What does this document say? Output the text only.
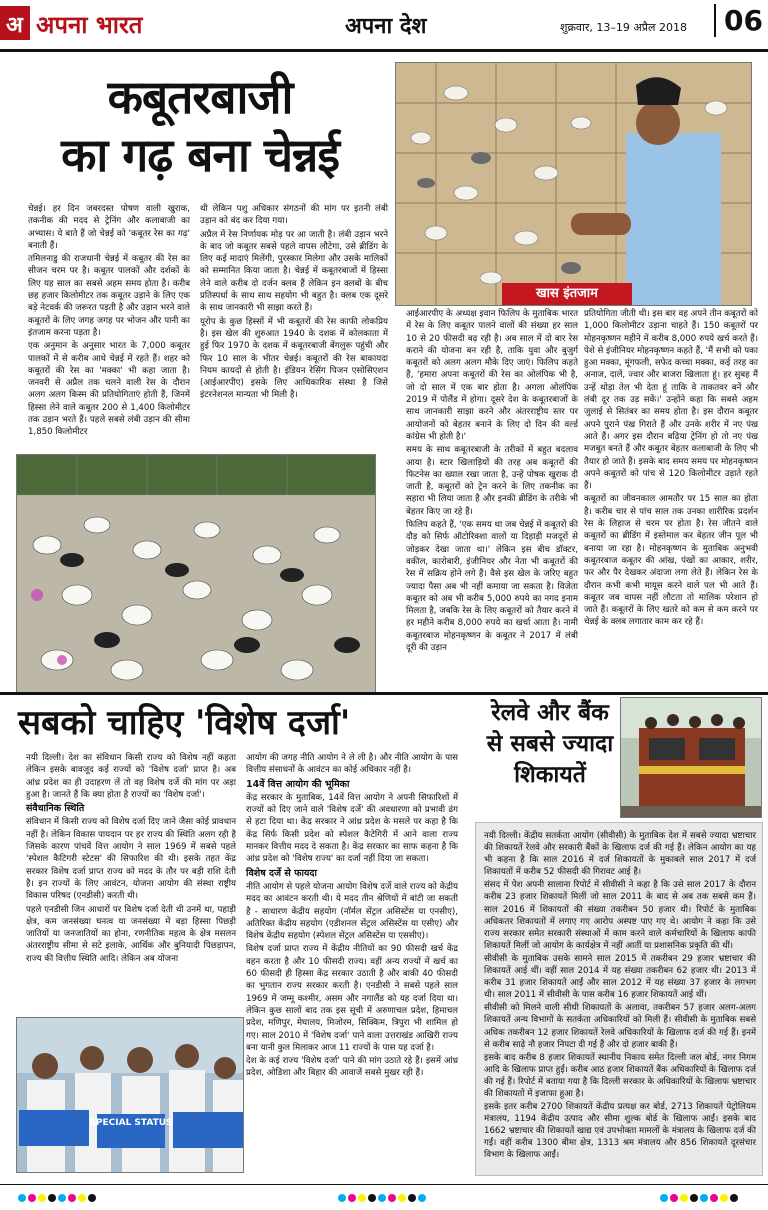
अ अपना भारत	अपना देश	शुक्रवार, 13–19 अप्रैल 2018	06
कबूतरबाजी
का गढ़ बना चेन्नई
खास इंतजाम

चेन्नई। हर दिन जबरदस्त पोषण वाली खुराक, तकनीक की मदद से ट्रेनिंग और कलाबाजी का अभ्यास। ये बाते हैं जो चेन्नई को 'कबूतर रेस का गढ़' बनाती हैं।

तमिलनाडु की राजधानी चेन्नई में कबूतर की रेस का सीजन चरम पर है। कबूतर पालकों और दर्शकों के लिए यह साल का सबसे अहम समय होता है। करीब छह हजार किलोमीटर तक कबूतर उड़ाने के लिए एक बड़े नेटवर्क की जरूरत पड़ती है और उड़ान भरने वाले कबूतरों के लिए जगह जगह पर भोजन और पानी का इंतजाम करना पड़ता है।

एक अनुमान के अनुसार भारत के 7,000 कबूतर पालकों में से करीब आधे चेन्नई में रहते हैं। शहर को कबूतरों की रेस का 'मक्का' भी कहा जाता है। जनवरी से अप्रैल तक चलने वाली रेस के दौरान अलग अलग किस्म की प्रतियोगिताएं होती हैं, जिनमें हिस्सा लेने वाले कबूतर 200 से 1,400 किलोमीटर तक उड़ान भरते हैं। पहले सबसे लंबी उड़ान की सीमा 1,850 किलोमीटर

थी लेकिन पशु अधिकार संगठनों की मांग पर इतनी लंबी उड़ान को बंद कर दिया गया।

अप्रैल में रेस निर्णायक मोड़ पर आ जाती है। लंबी उड़ान भरने के बाद जो कबूतर सबसे पहले वापस लौटेगा, उसे ब्रीडिंग के लिए कई मादाएं मिलेंगी, पुरस्कार मिलेगा और उसके मालिकों को सम्मानित किया जाता है। चेन्नई में कबूतरबाजों में हिस्सा लेने वाले करीब दो दर्जन क्लब हैं लेकिन इन क्लबों के बीच प्रतिस्पर्धा के साथ साथ सहयोग भी बहुत है। क्लब एक दूसरे के साथ जानकारी भी साझा करते हैं।

यूरोप के कुछ हिस्सों में भी कबूतरों की रेस काफी लोकप्रिय है। इस खेल की शुरुआत 1940 के दशक में कोलकाता में हुई फिर 1970 के दशक में कबूतरबाजी बेंगलुरू पहुंची और फिर 10 साल के भीतर चेन्नई। कबूतरों की रेस बाकायदा नियम कायदों से होती है। इंडियन रेसिंग पिजन एसोसिएशन (आईआरपीए) इसके लिए आधिकारिक संस्था है जिसे इंटरनेशनल मान्यता भी मिली है।

आईआरपीए के अध्यक्ष इवान फिलिप के मुताबिक भारत में रेस के लिए कबूतर पालने वालों की संख्या हर साल 10 से 20 फीसदी बढ़ रही है। अब साल में दो बार रेस कराने की योजना बन रही है, ताकि युवा और बुजुर्ग कबूतरों को अलग अलग मौके दिए जाएं। फिलिप कहते हैं, 'हमारा अपना कबूतरों की रेस का ओलंपिक भी है, जो दो साल में एक बार होता है। अगला ओलंपिक 2019 में पोलैंड में होगा। दूसरे देश के कबूतरबाजों के साथ जानकारी साझा करने और अंतरराष्ट्रीय स्तर पर आयोजनों को बेहतर बनाने के लिए दो दिन की वर्ल्ड कांग्रेस भी होती है।'

समय के साथ कबूतरबाजी के तरीकों में बहुत बदलाव आया है। स्टार खिलाड़ियों की तरह अब कबूतरों की फिटनेस का ख्याल रखा जाता है, उन्हें पोषक खुराक दी जाती है, कबूतरों को ट्रेन करने के लिए तकनीक का सहारा भी लिया जाता है और इनकी ब्रीडिंग के तरीके भी बेहतर किए जा रहे हैं।

फिलिप कहते हैं, 'एक समय था जब चेन्नई में कबूतरों की दौड़ को सिर्फ ऑटोरिक्शा वालों या दिहाड़ी मजदूरों से जोड़कर देखा जाता था।' लेकिन इस बीच डॉक्टर, वकील, कारोबारी, इंजीनियर और नेता भी कबूतरों की रेस में सक्रिय होने लगे हैं। वैसे इस खेल के जरिए बहुत ज्यादा पैसा अब भी नहीं कमाया जा सकता है। विजेता कबूतर को अब भी करीब 5,000 रुपये का नगद इनाम मिलता है, जबकि रेस के लिए कबूतरों को तैयार करने में हर महीने करीब 8,000 रुपये का खर्चा आता है। नामी कबूतरबाज मोहनकृष्णन के कबूतर ने 2017 में लंबी दूरी की उड़ान

प्रतियोगिता जीती थी। इस बार वह अपने तीन कबूतरों को 1,000 किलोमीटर उड़ाना चाहते हैं। 150 कबूतरों पर मोहनकृष्णन महीने में करीब 8,000 रुपये खर्च करते हैं। पेशे से इंजीनियर मोहनकृष्णन कहते हैं, 'मैं सभी को पका हुआ मक्का, मूंगफली, सफेद कच्चा मक्का, कई तरह का अनाज, दालें, ज्वार और बाजरा खिलाता हूं। हर सुबह मैं उन्हें थोड़ा तेल भी देता हूं ताकि वे ताकतवर बनें और लंबी दूर तक उड़ सकें।' उन्होंने कहा कि सबसे अहम जुलाई से सितंबर का समय होता है। इस दौरान कबूतर अपने पुराने पंख गिराते हैं और उनके शरीर में नए पंख आते हैं। अगर इस दौरान बढ़िया ट्रेनिंग हो तो नए पंख मजबूत बनते हैं और कबूतर बेहतर कलाबाजी के लिए भी तैयार हो जाते हैं। इसके बाद समय समय पर मोहनकृष्णन अपने कबूतरों को पांच से 120 किलोमीटर उड़ाते रहते हैं।

कबूतरों का जीवनकाल आमतौर पर 15 साल का होता है। करीब चार से पांच साल तक उनका शारीरिक प्रदर्शन रेस के लिहाज से चरम पर होता है। रेस जीतने वाले कबूतरों का ब्रीडिंग में इस्तेमाल कर बेहतर जीन पूल भी बनाया जा रहा है। मोहनकृष्णन के मुताबिक अनुभवी कबूतरबाज कबूतर की आंख, पंखों का आकार, शरीर, फर और पैर देखकर अंदाजा लगा लेते हैं। लेकिन रेस के दौरान कभी कभी मायूस करने वाले पल भी आते हैं। कबूतर जब वापस नहीं लौटता तो मालिक परेशान हो जाते हैं। कबूतरों के लिए खतरे को कम से कम करने पर चेन्नई के क्लब लगातार काम कर रहे हैं।

सबको चाहिए 'विशेष दर्जा'

नयी दिल्ली। देश का संविधान किसी राज्य को विशेष नहीं कहता लेकिन इसके बावजूद कई राज्यों को 'विशेष दर्जा' प्राप्त है। अब आंध्र प्रदेश का ही उदाहरण लें तो वह विशेष दर्जे की मांग पर अड़ा हुआ है। जानते हैं कि क्या होता है राज्यों का 'विशेष दर्जा'।

संवैधानिक स्थिति

संविधान में किसी राज्य को विशेष दर्जा दिए जाने जैसा कोई प्रावधान नहीं है। लेकिन विकास पायदान पर हर राज्य की स्थिति अलग रही है जिसके कारण पांचवें वित्त आयोग ने साल 1969 में सबसे पहले 'स्पेशल कैटिगरी स्टेटस' की सिफारिश की थी। इसके तहत केंद्र सरकार विशेष दर्जा प्राप्त राज्य को मदद के तौर पर बड़ी राशि देती है। इन राज्यों के लिए आवंटन, योजना आयोग की संस्था राष्ट्रीय विकास परिषद (एनडीसी) करती थी।

पहले एनडीसी जिन आधारों पर विशेष दर्जा देती थी उनमें था, पहाड़ी क्षेत्र, कम जनसंख्या घनत्व या जनसंख्या में बड़ा हिस्सा पिछड़ी जातियों या जनजातियों का होना, रणनीतिक महत्व के क्षेत्र मसलन अंतरराष्ट्रीय सीमा से सटे इलाके, आर्थिक और बुनियादी पिछड़ापन, राज्य की वित्तीय स्थिति आदि। लेकिन अब योजना

आयोग की जगह नीति आयोग ने ले ली है। और नीति आयोग के पास वित्तीय संसाधनों के आवंटन का कोई अधिकार नहीं है।

14वें वित्त आयोग की भूमिका

केंद्र सरकार के मुताबिक, 14वें वित्त आयोग ने अपनी सिफारिशों में राज्यों को दिए जाने वाले 'विशेष दर्जे' की अवधारणा को प्रभावी ढंग से हटा दिया था। केंद्र सरकार ने आंध्र प्रदेश के मसले पर कहा है कि केंद्र सिर्फ किसी प्रदेश को स्पेशल कैटेगिरी में आने वाला राज्य मानकर वित्तीय मदद दे सकता है। केंद्र सरकार का साफ कहना है कि आंध्र प्रदेश को 'विशेष राज्य' का दर्जा नहीं दिया जा सकता।

विशेष दर्जे से फायदा

नीति आयोग से पहले योजना आयोग विशेष दर्जे वाले राज्य को केंद्रीय मदद का आवंटन करती थी। ये मदद तीन श्रेणियों में बांटी जा सकती है - साधारण केंद्रीय सहयोग (नॉर्मल सेंट्रल असिस्टेंस या एनसीए), अतिरिक्त केंद्रीय सहयोग (एडीशनल सेंट्रल असिस्टेंस या एसीए) और विशेष केंद्रीय सहयोग (स्पेशल सेंट्रल असिस्टेंस या एससीए)।

विशेष दर्जा प्राप्त राज्य में केंद्रीय नीतियों का 90 फीसदी खर्च केंद्र वहन करता है और 10 फीसदी राज्य। वहीं अन्य राज्यों में खर्च का 60 फीसदी ही हिस्सा केंद्र सरकार उठाती है और बाकी 40 फीसदी का भुगतान राज्य सरकार करती है। एनडीसी ने सबसे पहले साल 1969 में जम्मू कश्मीर, असम और नगालैंड को यह दर्जा दिया था। लेकिन कुछ सालों बाद तक इस सूची में अरुणाचल प्रदेश, हिमाचल प्रदेश, मणिपुर, मेघालय, मिजोरम, सिक्किम, त्रिपुरा भी शामिल हो गए। साल 2010 में 'विशेष दर्जा' पाने वाला उत्तराखंड आखिरी राज्य बना यानी कुल मिलाकर आज 11 राज्यों के पास यह दर्जा है।

देश के कई राज्य 'विशेष दर्जा' पाने की मांग उठाते रहे हैं। इसमें आंध्र प्रदेश, ओडिशा और बिहार की आवाजें सबसे मुखर रही हैं।

SPECIAL STATUS
रेलवे और बैंक से सबसे ज्यादा शिकायतें

नयी दिल्ली। केंद्रीय सतर्कता आयोग (सीवीसी) के मुताबिक देश में सबसे ज्यादा भ्रष्टाचार की शिकायतें रेलवे और सरकारी बैंकों के खिलाफ दर्ज की गई हैं। लेकिन आयोग का यह भी कहना है कि साल 2016 में दर्ज शिकायतों के मुकाबले साल 2017 में दर्ज शिकायतों में करीब 52 फीसदी की गिरावट आई है।

संसद में पेश अपनी सालाना रिपोर्ट में सीवीसी ने कहा है कि उसे साल 2017 के दौरान करीब 23 हजार शिकायतें मिलीं जो साल 2011 के बाद से अब तक सबसे कम हैं। साल 2016 में शिकायतों की संख्या तकरीबन 50 हजार थी। रिपोर्ट के मुताबिक अधिकतर शिकायतों में लगाए गए आरोप अस्पष्ट पाए गए थे। आयोग ने कहा कि उसे राज्य सरकार समेत सरकारी संस्थाओं में काम करने वाले कर्मचारियों के खिलाफ काफी शिकायतें मिलीं जो आयोग के कार्यक्षेत्र में नहीं आतीं या प्रशासनिक प्रकृति की थीं।

सीवीसी के मुताबिक उसके सामने साल 2015 में तकरीबन 29 हजार भ्रष्टाचार की शिकायतें आई थीं। वहीं साल 2014 में यह संख्या तकरीबन 62 हजार थी। 2013 में करीब 31 हजार शिकायतें आईं और साल 2012 में यह संख्या 37 हजार के लगभग थी। साल 2011 में सीवीसी के पास करीब 16 हजार शिकायतें आई थीं।

सीवीसी को मिलने वाली सीधी शिकायतों के अलावा, तकरीबन 57 हजार अलग-अलग शिकायतें अन्य विभागों के सतर्कता अधिकारियों को मिली हैं। सीवीसी के मुताबिक सबसे अधिक तकरीबन 12 हजार शिकायतें रेलवे अधिकारियों के खिलाफ दर्ज की गई हैं। इनमें से करीब साढ़े नौ हजार निपटा दी गई हैं और दो हजार बाकी हैं।

इसके बाद करीब 8 हजार शिकायतें स्थानीय निकाय समेत दिल्ली जल बोर्ड, नगर निगम आदि के खिलाफ प्राप्त हुईं। करीब आठ हजार शिकायतें बैंक अधिकारियों के खिलाफ दर्ज की गई हैं। रिपोर्ट में बताया गया है कि दिल्ली सरकार के अधिकारियों के खिलाफ भ्रष्टाचार की शिकायतों में इजाफा हुआ है।

इसके इतर करीब 2700 शिकायतें केंद्रीय प्रत्यक्ष कर बोर्ड, 2713 शिकायतें पेट्रोलियम मंत्रालय, 1194 केंद्रीय उत्पाद और सीमा शुल्क बोर्ड के खिलाफ आईं। इसके बाद 1662 भ्रष्टाचार की शिकायतें खाद्य एवं उपभोक्ता मामलों के मंत्रालय के खिलाफ दर्ज की गईं। वहीं करीब 1300 बीमा क्षेत्र, 1313 श्रम मंत्रालय और 856 शिकायतें दूरसंचार विभाग के खिलाफ आईं।
